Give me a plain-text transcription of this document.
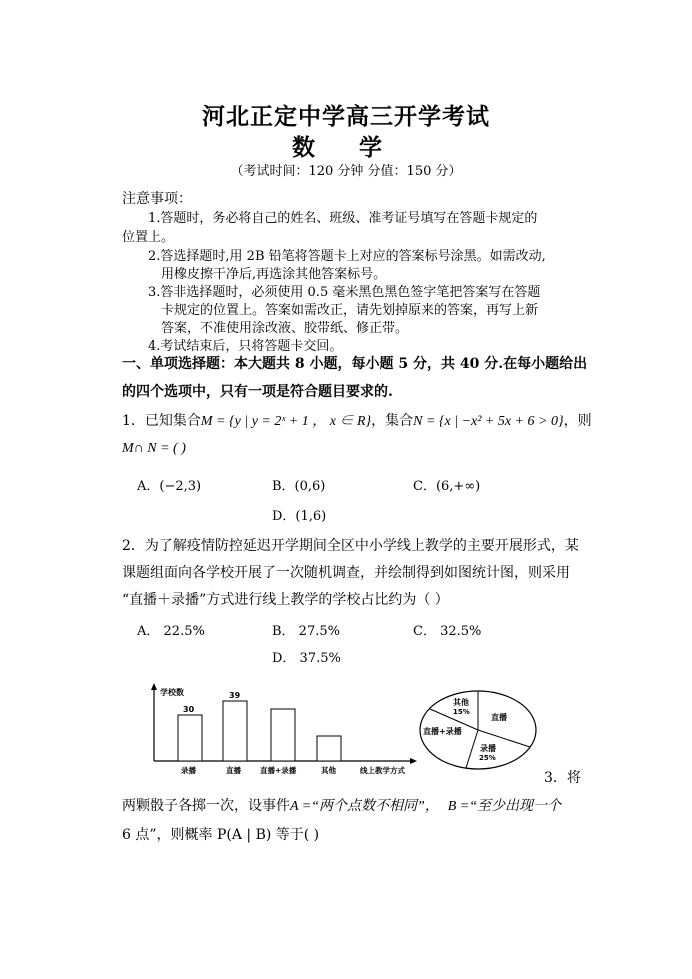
河北正定中学高三开学考试
数 学
（考试时间：120 分钟 分值：150 分）
注意事项：
1.答题时，务必将自己的姓名、班级、准考证号填写在答题卡规定的
位置上。
2.答选择题时,用 2B 铅笔将答题卡上对应的答案标号涂黑。如需改动,
用橡皮擦干净后,再选涂其他答案标号。
3.答非选择题时，必须使用 0.5 毫米黑色黑色签字笔把答案写在答题
卡规定的位置上。答案如需改正，请先划掉原来的答案，再写上新
答案，不准使用涂改液、胶带纸、修正带。
4.考试结束后，只将答题卡交回。
一、单项选择题：本大题共 8 小题，每小题 5 分，共 40 分.在每小题给出
的四个选项中，只有一项是符合题目要求的.
1．已知集合M = {y | y = 2ˣ + 1 ， x ∈ R}，集合N = {x | −x² + 5x + 6 > 0}，则
M∩ N = ( )
A．(−2,3)	B．(0,6)	C．(6,+∞)
D．(1,6)
2．为了解疫情防控延迟开学期间全区中小学线上教学的主要开展形式，某
课题组面向各学校开展了一次随机调查，并绘制得到如图统计图，则采用
“直播＋录播”方式进行线上教学的学校占比约为（ ）
A． 22.5%	B． 27.5%	C． 32.5%
D． 37.5%
学校数
线上教学方式
30
39
录播	直播	直播+录播	其他
直播
录播
25%
直播+录播
其他
15%
3．将
两颗骰子各掷一次，设事件A =“两个点数不相同”， B =“至少出现一个
6 点”，则概率 P(A | B) 等于( )
